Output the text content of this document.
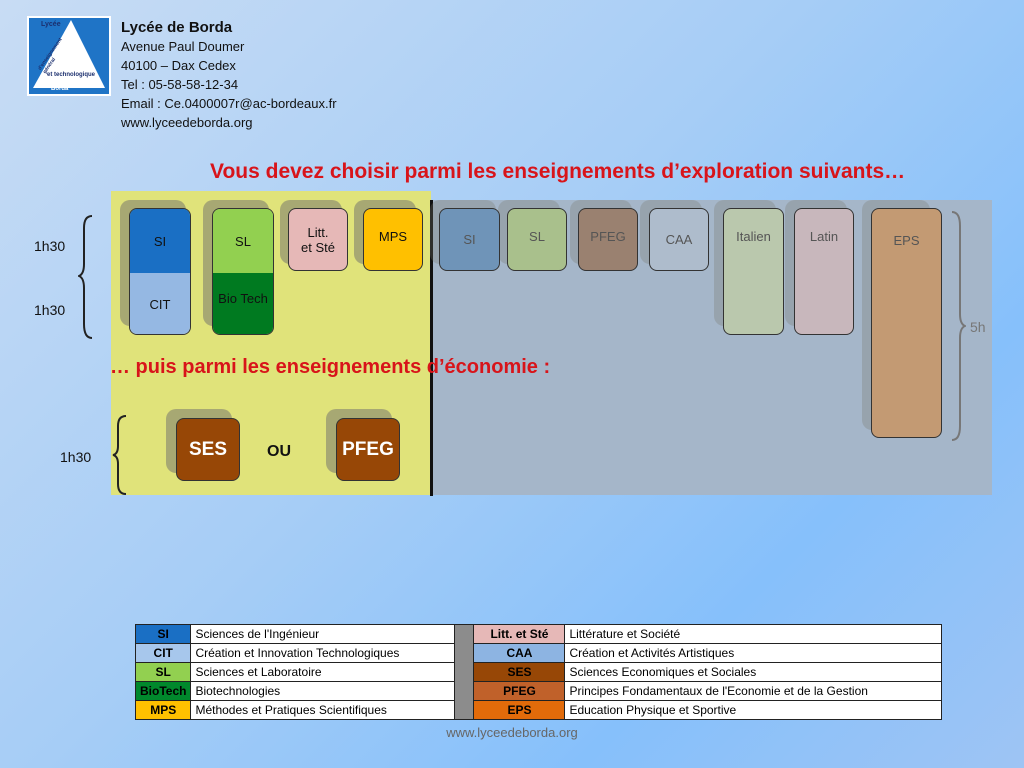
Lycée
d'enseignement général
et technologique
de
Borda
Lycée de Borda
Avenue Paul Doumer
40100 – Dax Cedex
Tel : 05-58-58-12-34
Email : Ce.0400007r@ac-bordeaux.fr
www.lyceedeborda.org
Vous devez choisir parmi les enseignements d’exploration suivants…
1h30
1h30
1h30
5h
SI
CIT
SL
Bio Tech
Litt.
et Sté
MPS	SI	SL	PFEG	CAA	Italien	Latin	EPS
… puis parmi les enseignements d’économie :
SES	OU	PFEG
SI	Sciences de l'Ingénieur		Litt. et Sté	Littérature et Société
CIT	Création et Innovation Technologiques		CAA	Création et Activités Artistiques
SL	Sciences et Laboratoire		SES	Sciences Economiques et Sociales
BioTech	Biotechnologies		PFEG	Principes Fondamentaux de l'Economie et de la Gestion
MPS	Méthodes et Pratiques Scientifiques		EPS	Education Physique et Sportive
www.lyceedeborda.org
